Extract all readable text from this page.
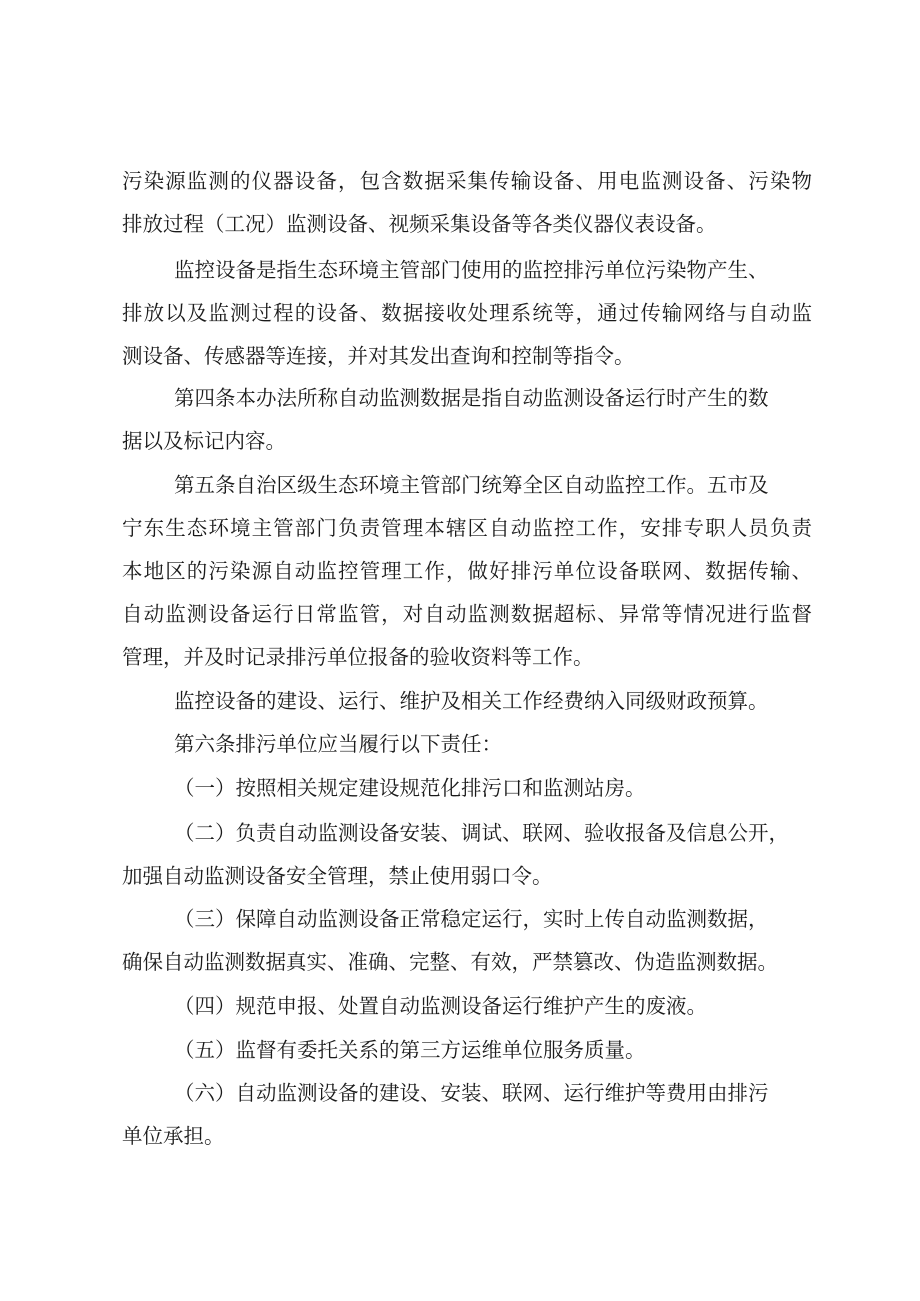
污染源监测的仪器设备，包含数据采集传输设备、用电监测设备、污染物
排放过程（工况）监测设备、视频采集设备等各类仪器仪表设备。
监控设备是指生态环境主管部门使用的监控排污单位污染物产生、
排放以及监测过程的设备、数据接收处理系统等，通过传输网络与自动监
测设备、传感器等连接，并对其发出查询和控制等指令。
第四条本办法所称自动监测数据是指自动监测设备运行时产生的数
据以及标记内容。
第五条自治区级生态环境主管部门统筹全区自动监控工作。五市及
宁东生态环境主管部门负责管理本辖区自动监控工作，安排专职人员负责
本地区的污染源自动监控管理工作，做好排污单位设备联网、数据传输、
自动监测设备运行日常监管，对自动监测数据超标、异常等情况进行监督
管理，并及时记录排污单位报备的验收资料等工作。
监控设备的建设、运行、维护及相关工作经费纳入同级财政预算。
第六条排污单位应当履行以下责任：
（一）按照相关规定建设规范化排污口和监测站房。
（二）负责自动监测设备安装、调试、联网、验收报备及信息公开，
加强自动监测设备安全管理，禁止使用弱口令。
（三）保障自动监测设备正常稳定运行，实时上传自动监测数据，
确保自动监测数据真实、准确、完整、有效，严禁篡改、伪造监测数据。
（四）规范申报、处置自动监测设备运行维护产生的废液。
（五）监督有委托关系的第三方运维单位服务质量。
（六）自动监测设备的建设、安装、联网、运行维护等费用由排污
单位承担。
